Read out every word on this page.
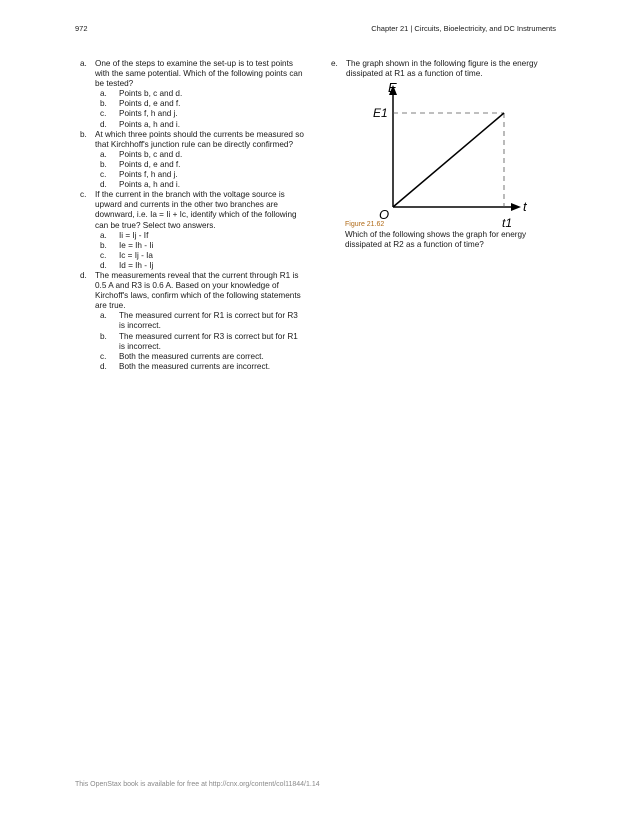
972	Chapter 21 | Circuits, Bioelectricity, and DC Instruments
a. One of the steps to examine the set-up is to test points with the same potential. Which of the following points can be tested?
a. Points b, c and d.
b. Points d, e and f.
c. Points f, h and j.
d. Points a, h and i.
b. At which three points should the currents be measured so that Kirchhoff's junction rule can be directly confirmed?
a. Points b, c and d.
b. Points d, e and f.
c. Points f, h and j.
d. Points a, h and i.
c. If the current in the branch with the voltage source is upward and currents in the other two branches are downward, i.e. Ia = Ii + Ic, identify which of the following can be true? Select two answers.
a. Ii = Ij - If
b. Ie = Ih - Ii
c. Ic = Ij - Ia
d. Id = Ih - Ij
d. The measurements reveal that the current through R1 is 0.5 A and R3 is 0.6 A. Based on your knowledge of Kirchoff's laws, confirm which of the following statements are true.
a. The measured current for R1 is correct but for R3 is incorrect.
b. The measured current for R3 is correct but for R1 is incorrect.
c. Both the measured currents are correct.
d. Both the measured currents are incorrect.
e. The graph shown in the following figure is the energy dissipated at R1 as a function of time.
E
E1
t
t1
O
Figure 21.62
Which of the following shows the graph for energy dissipated at R2 as a function of time?
This OpenStax book is available for free at http://cnx.org/content/col11844/1.14
